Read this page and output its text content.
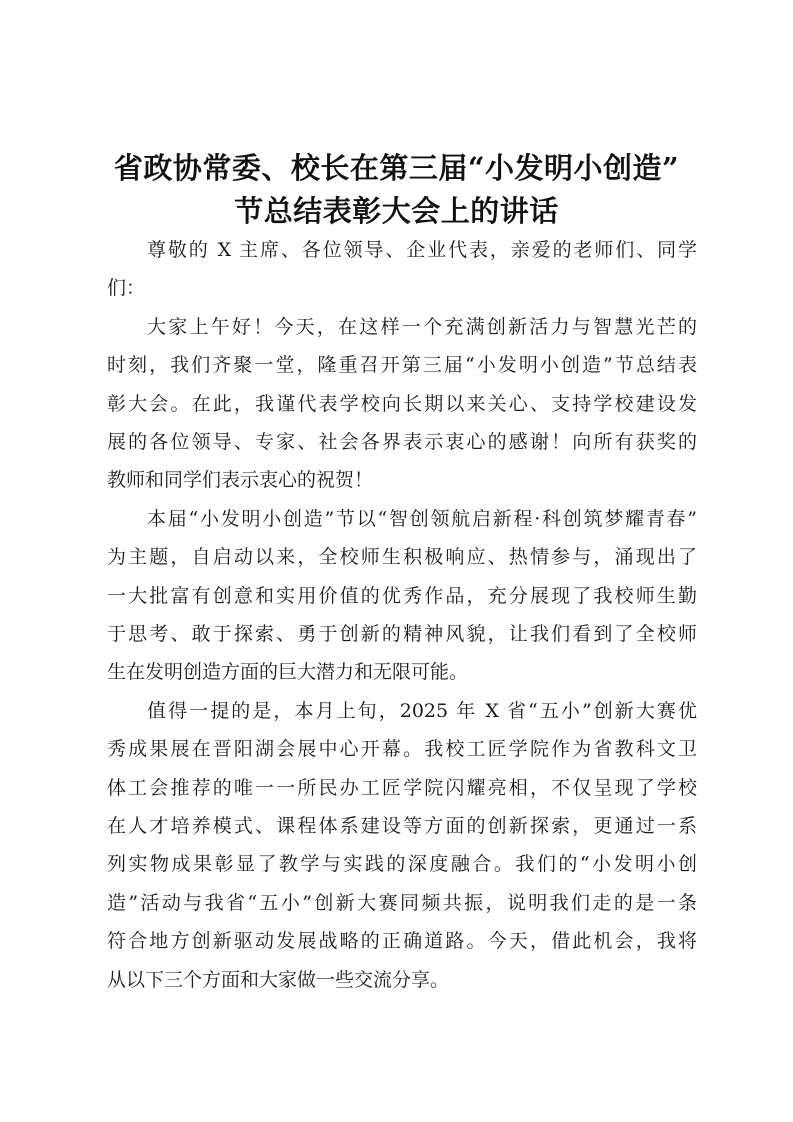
省政协常委、校长在第三届“小发明小创造”
节总结表彰大会上的讲话
尊敬的 X 主席、各位领导、企业代表，亲爱的老师们、同学
们：
大家上午好！今天，在这样一个充满创新活力与智慧光芒的
时刻，我们齐聚一堂，隆重召开第三届“小发明小创造”节总结表
彰大会。在此，我谨代表学校向长期以来关心、支持学校建设发
展的各位领导、专家、社会各界表示衷心的感谢！向所有获奖的
教师和同学们表示衷心的祝贺！
本届“小发明小创造”节以“智创领航启新程·科创筑梦耀青春”
为主题，自启动以来，全校师生积极响应、热情参与，涌现出了
一大批富有创意和实用价值的优秀作品，充分展现了我校师生勤
于思考、敢于探索、勇于创新的精神风貌，让我们看到了全校师
生在发明创造方面的巨大潜力和无限可能。
值得一提的是，本月上旬，2025 年 X 省“五小”创新大赛优
秀成果展在晋阳湖会展中心开幕。我校工匠学院作为省教科文卫
体工会推荐的唯一一所民办工匠学院闪耀亮相，不仅呈现了学校
在人才培养模式、课程体系建设等方面的创新探索，更通过一系
列实物成果彰显了教学与实践的深度融合。我们的“小发明小创
造”活动与我省“五小”创新大赛同频共振，说明我们走的是一条
符合地方创新驱动发展战略的正确道路。今天，借此机会，我将
从以下三个方面和大家做一些交流分享。
